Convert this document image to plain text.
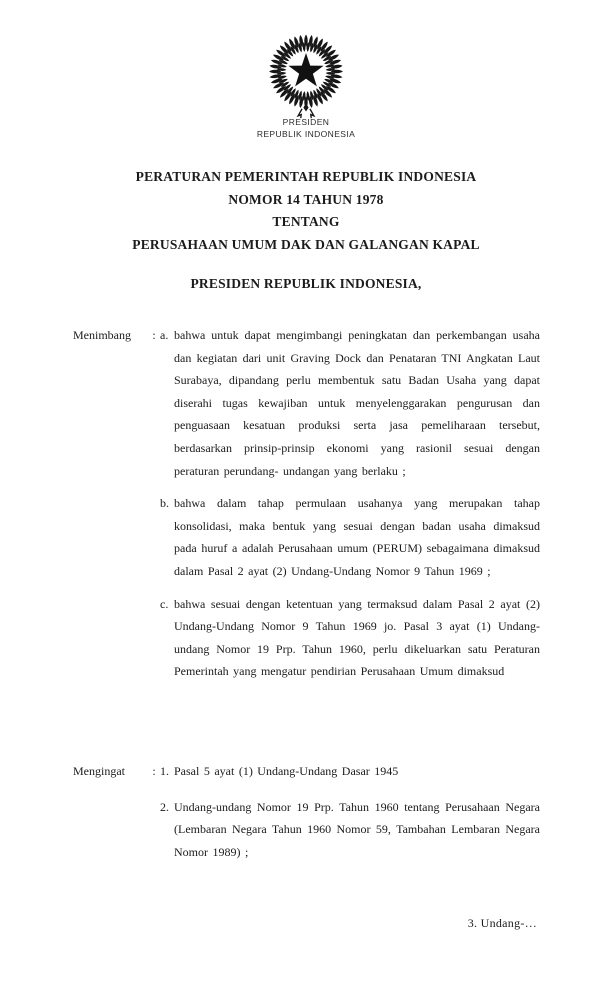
PRESIDEN
REPUBLIK INDONESIA
PERATURAN PEMERINTAH REPUBLIK INDONESIA
NOMOR 14 TAHUN 1978
TENTANG
PERUSAHAAN UMUM DAK DAN GALANGAN KAPAL
PRESIDEN REPUBLIK INDONESIA,
Menimbang	: a. bahwa untuk dapat mengimbangi peningkatan dan perkembangan usaha dan kegiatan dari unit Graving Dock dan Penataran TNI Angkatan Laut Surabaya, dipandang perlu membentuk satu Badan Usaha yang dapat diserahi tugas kewajiban untuk menyelenggarakan pengurusan dan penguasaan kesatuan produksi serta jasa pemeliharaan tersebut, berdasarkan prinsip-prinsip ekonomi yang rasionil sesuai dengan peraturan perundang- undangan yang berlaku ;
b. bahwa dalam tahap permulaan usahanya yang merupakan tahap konsolidasi, maka bentuk yang sesuai dengan badan usaha dimaksud pada huruf a adalah Perusahaan umum (PERUM) sebagaimana dimaksud dalam Pasal 2 ayat (2) Undang-Undang Nomor 9 Tahun 1969 ;
c. bahwa sesuai dengan ketentuan yang termaksud dalam Pasal 2 ayat (2) Undang-Undang Nomor 9 Tahun 1969 jo. Pasal 3 ayat (1) Undang-undang Nomor 19 Prp. Tahun 1960, perlu dikeluarkan satu Peraturan Pemerintah yang mengatur pendirian Perusahaan Umum dimaksud
Mengingat	: 1. Pasal 5 ayat (1) Undang-Undang Dasar 1945
2. Undang-undang Nomor 19 Prp. Tahun 1960 tentang Perusahaan Negara (Lembaran Negara Tahun 1960 Nomor 59, Tambahan Lembaran Negara Nomor 1989) ;
3. Undang-…
